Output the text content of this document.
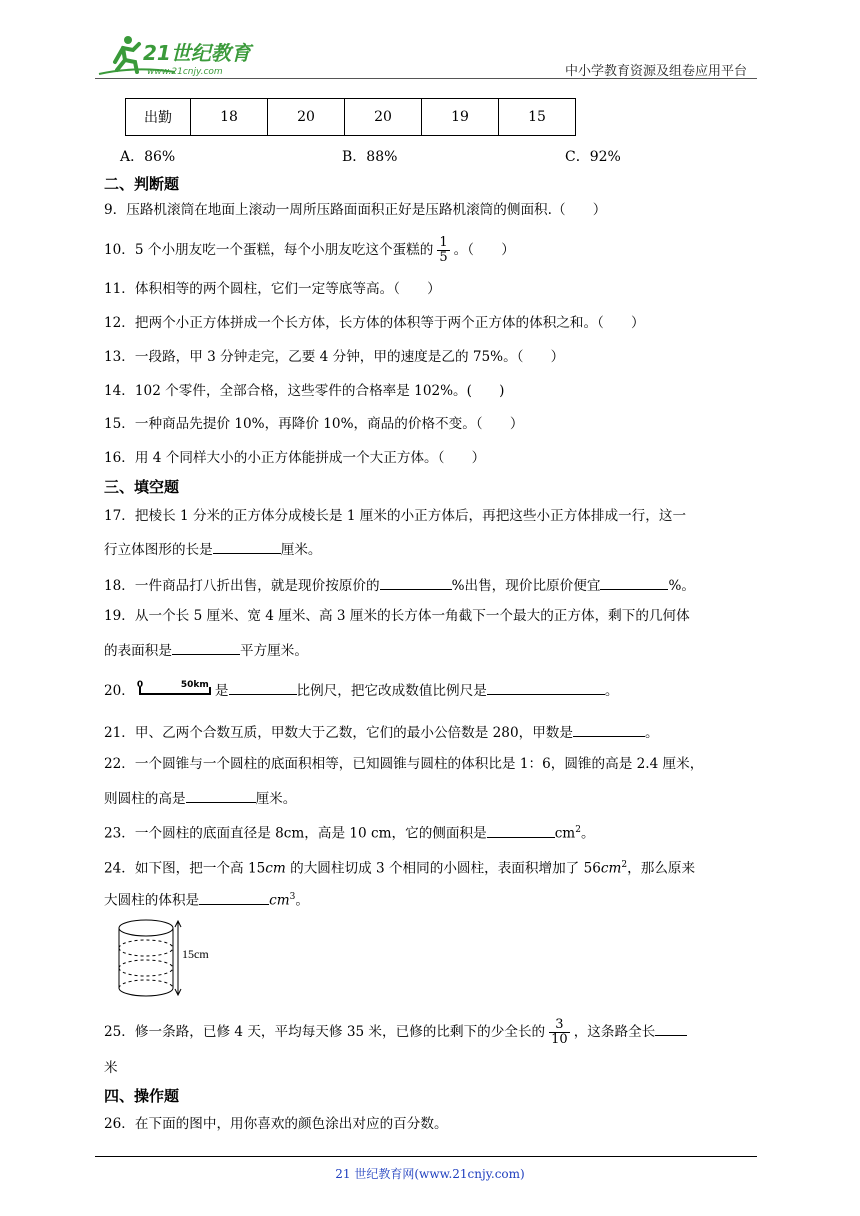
21世纪教育
www.21cnjy.com	中小学教育资源及组卷应用平台
出勤	18	20	20	19	15
A．86%	B．88%	C．92%
二、判断题
9．压路机滚筒在地面上滚动一周所压路面面积正好是压路机滚筒的侧面积.（　　）
10．5 个小朋友吃一个蛋糕，每个小朋友吃这个蛋糕的 $\frac{1}{5}$ 。（　　）
11．体积相等的两个圆柱，它们一定等底等高。（　　）
12．把两个小正方体拼成一个长方体，长方体的体积等于两个正方体的体积之和。（　　）
13．一段路，甲 3 分钟走完，乙要 4 分钟，甲的速度是乙的 75%。（　　）
14．102 个零件，全部合格，这些零件的合格率是 102%。(　　)
15．一种商品先提价 10%，再降价 10%，商品的价格不变。（　　）
16．用 4 个同样大小的小正方体能拼成一个大正方体。（　　）
三、填空题
17．把棱长 1 分米的正方体分成棱长是 1 厘米的小正方体后，再把这些小正方体排成一行，这一
行立体图形的长是	厘米。
18．一件商品打八折出售，就是现价按原价的	%出售，现价比原价便宜	%。
19．从一个长 5 厘米、宽 4 厘米、高 3 厘米的长方体一角截下一个最大的正方体，剩下的几何体
的表面积是	平方厘米。
20． 0	50km 是	比例尺，把它改成数值比例尺是	。
21．甲、乙两个合数互质，甲数大于乙数，它们的最小公倍数是 280，甲数是	。
22．一个圆锥与一个圆柱的底面积相等，已知圆锥与圆柱的体积比是 1：6，圆锥的高是 2.4 厘米，
则圆柱的高是	厘米。
23．一个圆柱的底面直径是 8cm，高是 10 cm，它的侧面积是	$cm^2$。
24．如下图，把一个高 15cm 的大圆柱切成 3 个相同的小圆柱，表面积增加了 $56cm^2$，那么原来
大圆柱的体积是	$cm^3$。
15cm
25．修一条路，已修 4 天，平均每天修 35 米，已修的比剩下的少全长的 $\frac{3}{10}$ ，这条路全长
米
四、操作题
26．在下面的图中，用你喜欢的颜色涂出对应的百分数。
21 世纪教育网(www.21cnjy.com)
